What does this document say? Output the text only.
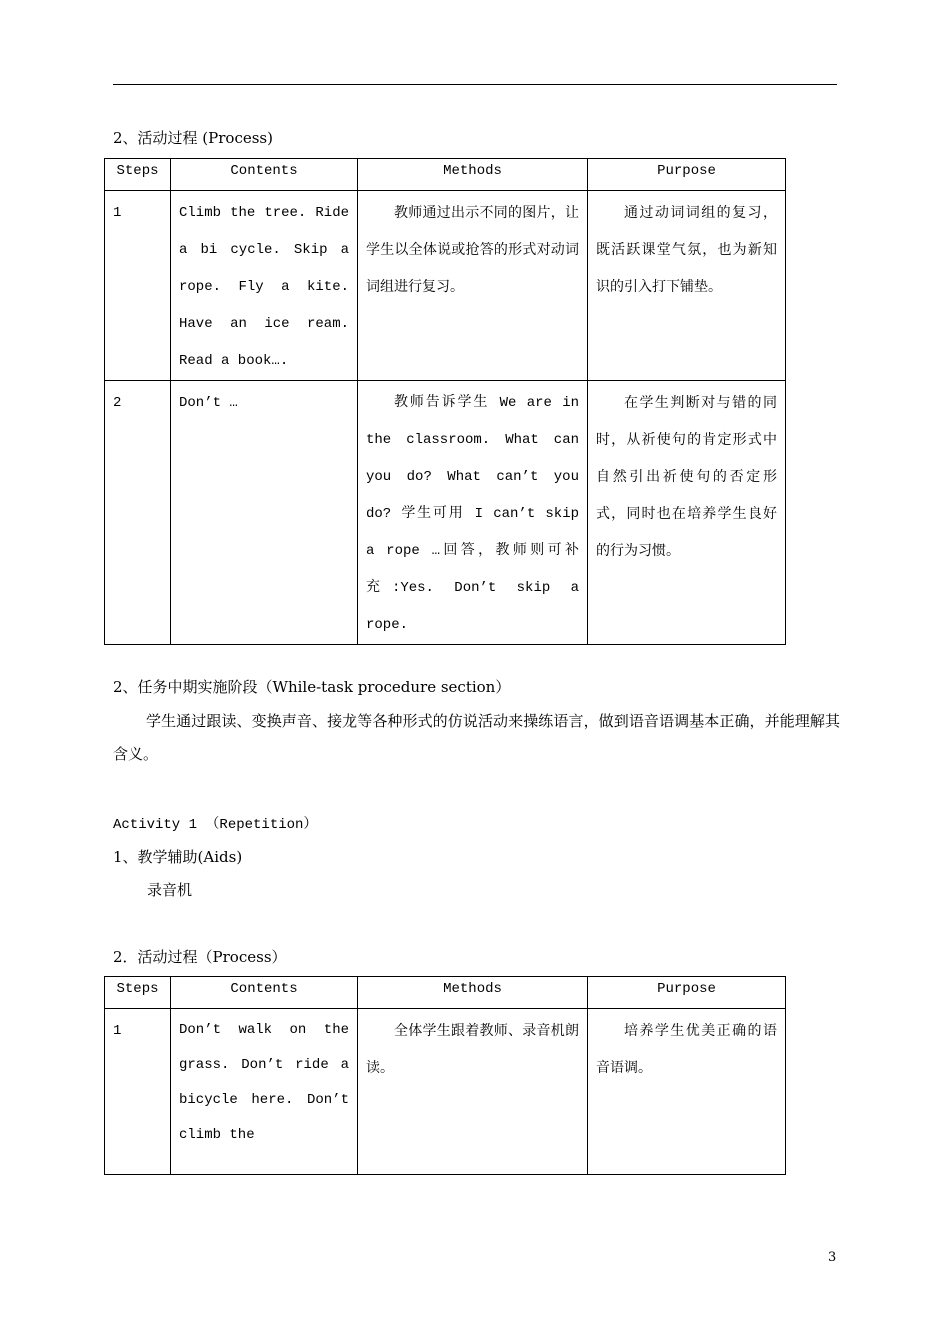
2、活动过程 (Process)
Steps	Contents	Methods	Purpose

1	Climb the tree. Ride a bi cycle. Skip a rope. Fly a kite. Have an ice ream. Read a book….	教师通过出示不同的图片，让学生以全体说或抢答的形式对动词词组进行复习。	通过动词词组的复习，既活跃课堂气氛，也为新知识的引入打下铺垫。

2	Don’t …	教师告诉学生 We are in the classroom. What can you do? What can’t you do? 学生可用 I can’t skip a rope …回答，教师则可补充:Yes. Don’t skip a rope.	在学生判断对与错的同时，从祈使句的肯定形式中自然引出祈使句的否定形式，同时也在培养学生良好的行为习惯。
2、任务中期实施阶段（While-task procedure section）
学生通过跟读、变换声音、接龙等各种形式的仿说活动来操练语言，做到语音语调基本正确，并能理解其含义。
Activity 1 （Repetition）
1、教学辅助(Aids)
录音机
2．活动过程（Process）
Steps	Contents	Methods	Purpose

1	Don’t walk on the grass. Don’t ride a bicycle here. Don’t climb the	全体学生跟着教师、录音机朗读。	培养学生优美正确的语音语调。
3
